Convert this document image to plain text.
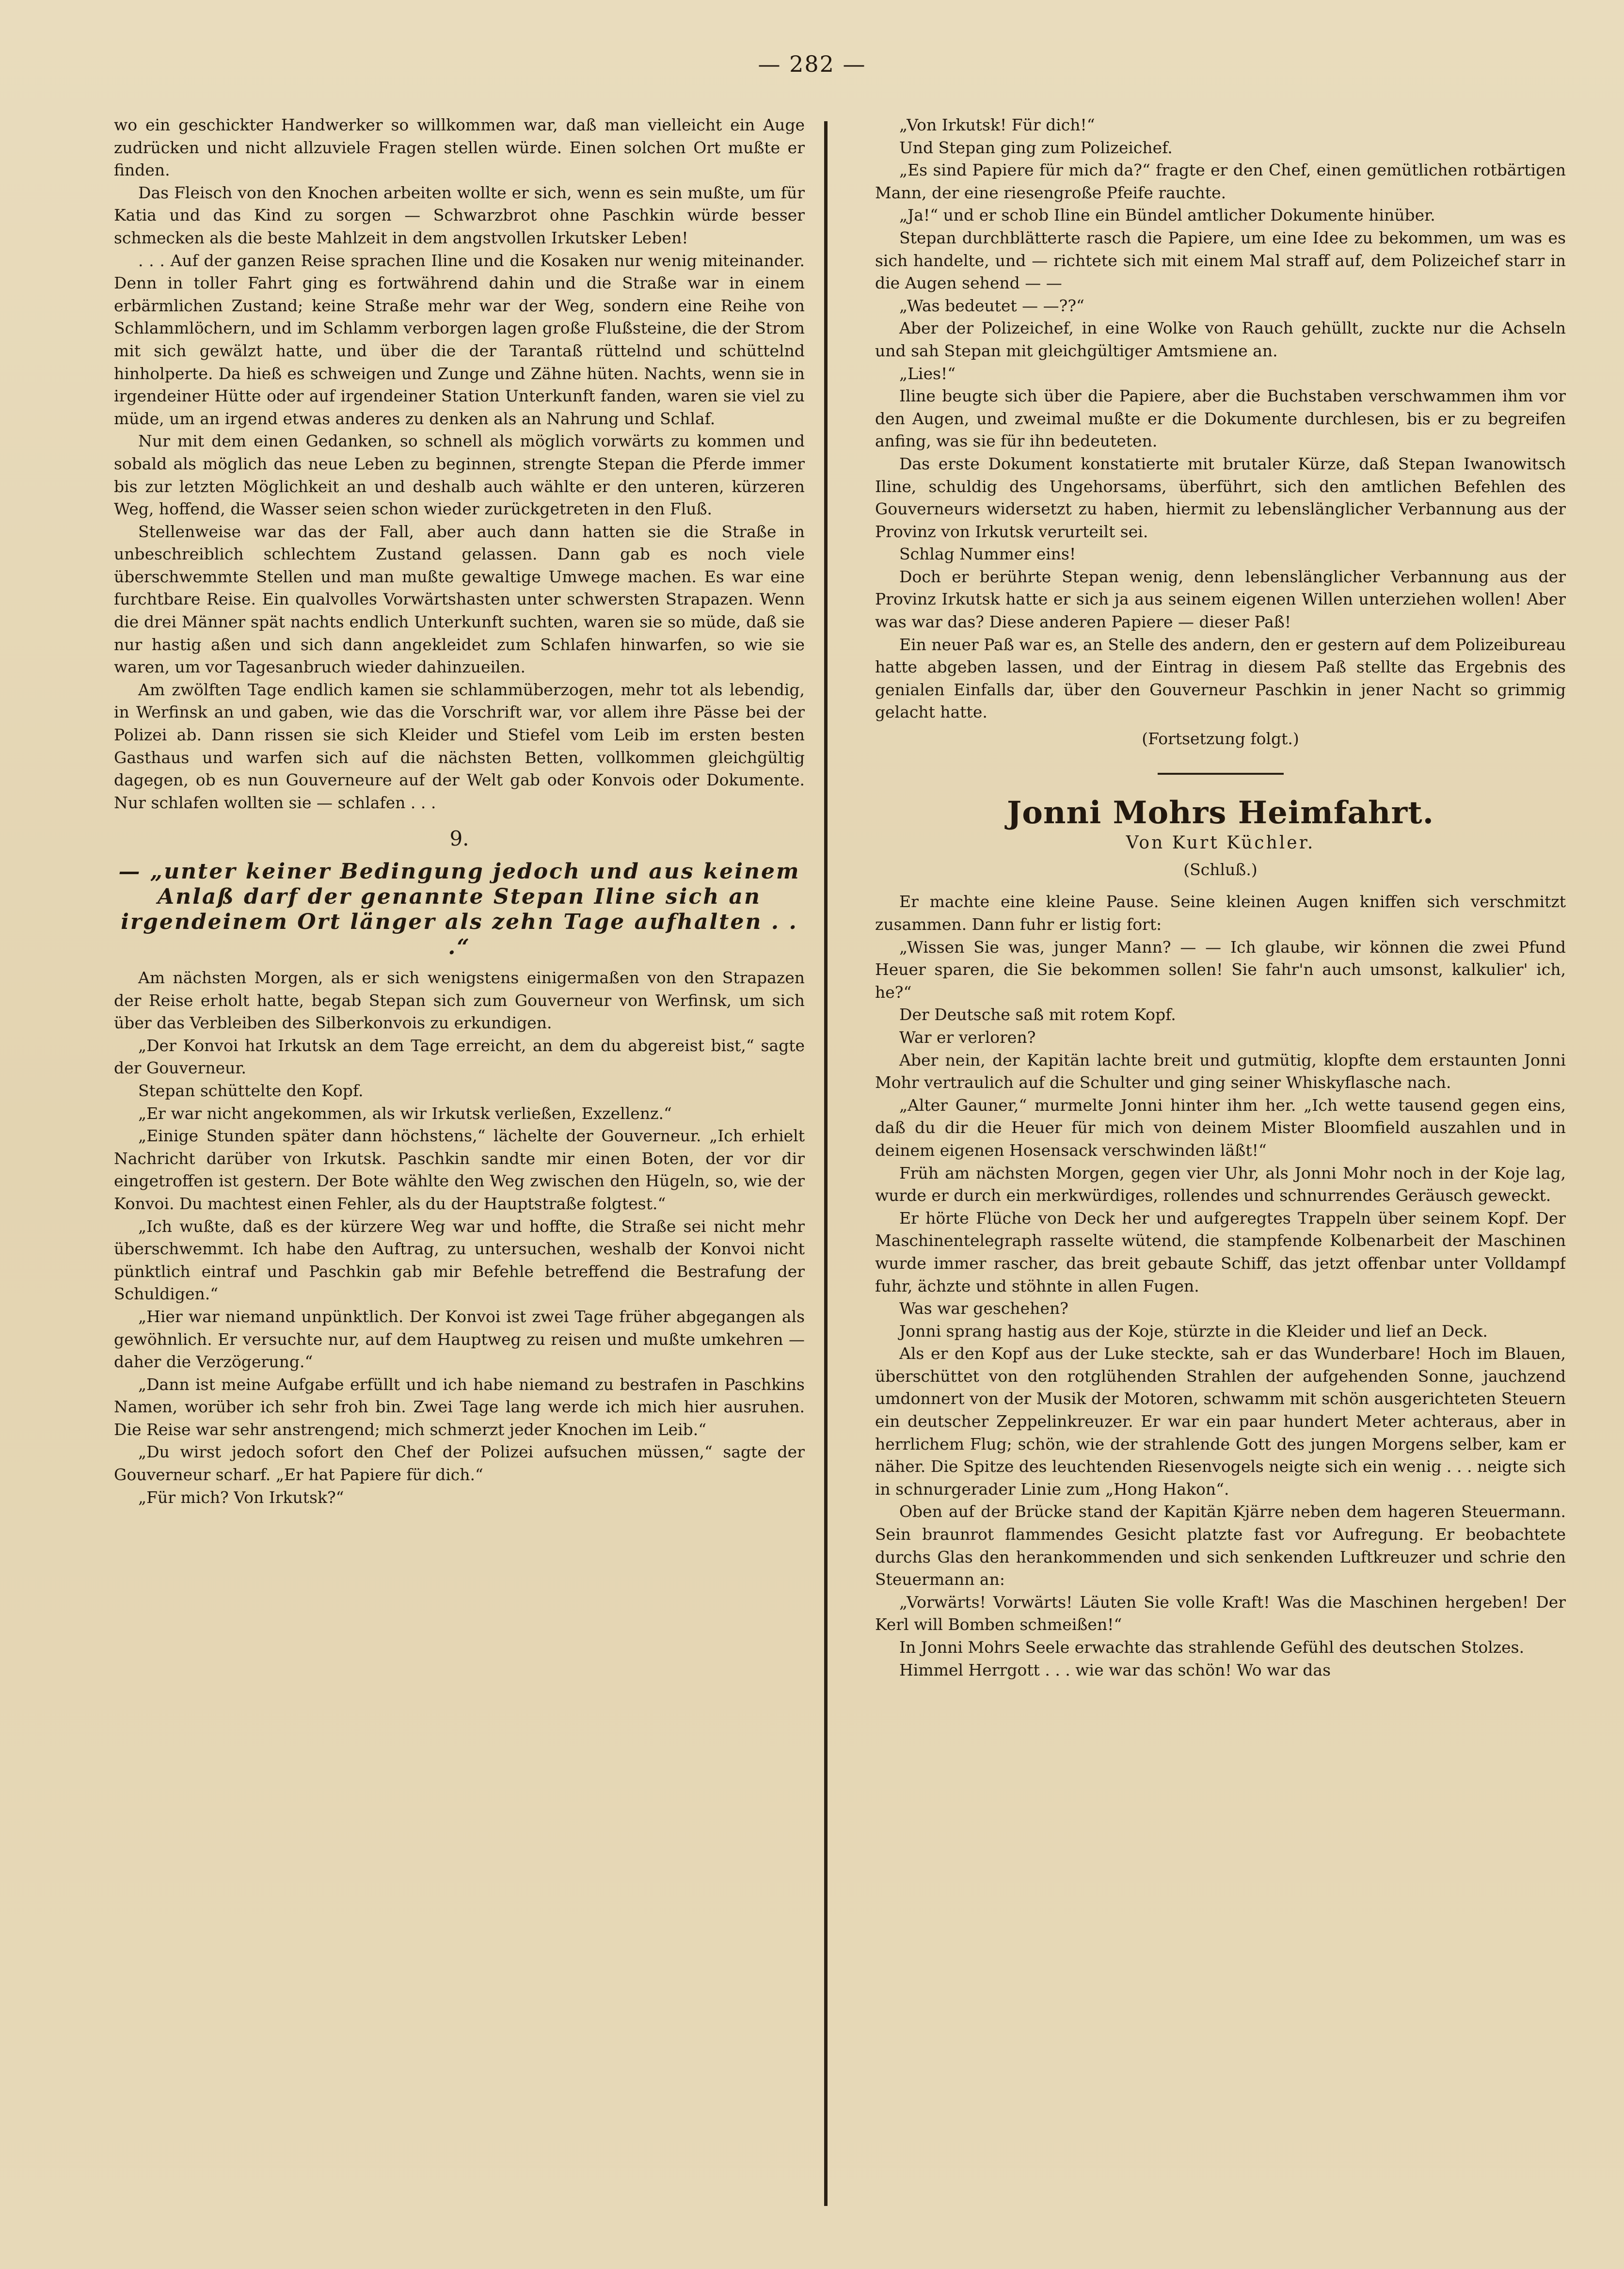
— 282 —

wo ein geschickter Handwerker so willkommen war, daß man vielleicht ein Auge zudrücken und nicht allzuviele Fragen stellen würde. Einen solchen Ort mußte er finden.

Das Fleisch von den Knochen arbeiten wollte er sich, wenn es sein mußte, um für Katia und das Kind zu sorgen — Schwarzbrot ohne Paschkin würde besser schmecken als die beste Mahlzeit in dem angstvollen Irkutsker Leben!

. . . Auf der ganzen Reise sprachen Iline und die Kosaken nur wenig miteinander. Denn in toller Fahrt ging es fortwährend dahin und die Straße war in einem erbärmlichen Zustand; keine Straße mehr war der Weg, sondern eine Reihe von Schlammlöchern, und im Schlamm verborgen lagen große Flußsteine, die der Strom mit sich gewälzt hatte, und über die der Tarantaß rüttelnd und schüttelnd hinholperte. Da hieß es schweigen und Zunge und Zähne hüten. Nachts, wenn sie in irgendeiner Hütte oder auf irgendeiner Station Unterkunft fanden, waren sie viel zu müde, um an irgend etwas anderes zu denken als an Nahrung und Schlaf.

Nur mit dem einen Gedanken, so schnell als möglich vorwärts zu kommen und sobald als möglich das neue Leben zu beginnen, strengte Stepan die Pferde immer bis zur letzten Möglichkeit an und deshalb auch wählte er den unteren, kürzeren Weg, hoffend, die Wasser seien schon wieder zurückgetreten in den Fluß.

Stellenweise war das der Fall, aber auch dann hatten sie die Straße in unbeschreiblich schlechtem Zustand gelassen. Dann gab es noch viele überschwemmte Stellen und man mußte gewaltige Umwege machen. Es war eine furchtbare Reise. Ein qualvolles Vorwärtshasten unter schwersten Strapazen. Wenn die drei Männer spät nachts endlich Unterkunft suchten, waren sie so müde, daß sie nur hastig aßen und sich dann angekleidet zum Schlafen hinwarfen, so wie sie waren, um vor Tagesanbruch wieder dahinzueilen.

Am zwölften Tage endlich kamen sie schlammüberzogen, mehr tot als lebendig, in Werfinsk an und gaben, wie das die Vorschrift war, vor allem ihre Pässe bei der Polizei ab. Dann rissen sie sich Kleider und Stiefel vom Leib im ersten besten Gasthaus und warfen sich auf die nächsten Betten, vollkommen gleichgültig dagegen, ob es nun Gouverneure auf der Welt gab oder Konvois oder Dokumente. Nur schlafen wollten sie — schlafen . . .

9.

— „unter keiner Bedingung jedoch und aus keinem Anlaß darf der genannte Stepan Iline sich an irgendeinem Ort länger als zehn Tage aufhalten . . .“

Am nächsten Morgen, als er sich wenigstens einigermaßen von den Strapazen der Reise erholt hatte, begab Stepan sich zum Gouverneur von Werfinsk, um sich über das Verbleiben des Silberkonvois zu erkundigen.

„Der Konvoi hat Irkutsk an dem Tage erreicht, an dem du abgereist bist,“ sagte der Gouverneur.

Stepan schüttelte den Kopf.

„Er war nicht angekommen, als wir Irkutsk verließen, Exzellenz.“

„Einige Stunden später dann höchstens,“ lächelte der Gouverneur. „Ich erhielt Nachricht darüber von Irkutsk. Paschkin sandte mir einen Boten, der vor dir eingetroffen ist gestern. Der Bote wählte den Weg zwischen den Hügeln, so, wie der Konvoi. Du machtest einen Fehler, als du der Hauptstraße folgtest.“

„Ich wußte, daß es der kürzere Weg war und hoffte, die Straße sei nicht mehr überschwemmt. Ich habe den Auftrag, zu untersuchen, weshalb der Konvoi nicht pünktlich eintraf und Paschkin gab mir Befehle betreffend die Bestrafung der Schuldigen.“

„Hier war niemand unpünktlich. Der Konvoi ist zwei Tage früher abgegangen als gewöhnlich. Er versuchte nur, auf dem Hauptweg zu reisen und mußte umkehren — daher die Verzögerung.“

„Dann ist meine Aufgabe erfüllt und ich habe niemand zu bestrafen in Paschkins Namen, worüber ich sehr froh bin. Zwei Tage lang werde ich mich hier ausruhen. Die Reise war sehr anstrengend; mich schmerzt jeder Knochen im Leib.“

„Du wirst jedoch sofort den Chef der Polizei aufsuchen müssen,“ sagte der Gouverneur scharf. „Er hat Papiere für dich.“

„Für mich? Von Irkutsk?“

„Von Irkutsk! Für dich!“

Und Stepan ging zum Polizeichef.

„Es sind Papiere für mich da?“ fragte er den Chef, einen gemütlichen rotbärtigen Mann, der eine riesengroße Pfeife rauchte.

„Ja!“ und er schob Iline ein Bündel amtlicher Dokumente hinüber.

Stepan durchblätterte rasch die Papiere, um eine Idee zu bekommen, um was es sich handelte, und — richtete sich mit einem Mal straff auf, dem Polizeichef starr in die Augen sehend — —

„Was bedeutet — —??“

Aber der Polizeichef, in eine Wolke von Rauch gehüllt, zuckte nur die Achseln und sah Stepan mit gleichgültiger Amtsmiene an.

„Lies!“

Iline beugte sich über die Papiere, aber die Buchstaben verschwammen ihm vor den Augen, und zweimal mußte er die Dokumente durchlesen, bis er zu begreifen anfing, was sie für ihn bedeuteten.

Das erste Dokument konstatierte mit brutaler Kürze, daß Stepan Iwanowitsch Iline, schuldig des Ungehorsams, überführt, sich den amtlichen Befehlen des Gouverneurs widersetzt zu haben, hiermit zu lebenslänglicher Verbannung aus der Provinz von Irkutsk verurteilt sei.

Schlag Nummer eins!

Doch er berührte Stepan wenig, denn lebenslänglicher Verbannung aus der Provinz Irkutsk hatte er sich ja aus seinem eigenen Willen unterziehen wollen! Aber was war das? Diese anderen Papiere — dieser Paß!

Ein neuer Paß war es, an Stelle des andern, den er gestern auf dem Polizeibureau hatte abgeben lassen, und der Eintrag in diesem Paß stellte das Ergebnis des genialen Einfalls dar, über den Gouverneur Paschkin in jener Nacht so grimmig gelacht hatte.

(Fortsetzung folgt.)

Jonni Mohrs Heimfahrt.

Von Kurt Küchler.

(Schluß.)

Er machte eine kleine Pause. Seine kleinen Augen kniffen sich verschmitzt zusammen. Dann fuhr er listig fort:

„Wissen Sie was, junger Mann? — — Ich glaube, wir können die zwei Pfund Heuer sparen, die Sie bekommen sollen! Sie fahr'n auch umsonst, kalkulier' ich, he?“

Der Deutsche saß mit rotem Kopf.

War er verloren?

Aber nein, der Kapitän lachte breit und gutmütig, klopfte dem erstaunten Jonni Mohr vertraulich auf die Schulter und ging seiner Whiskyflasche nach.

„Alter Gauner,“ murmelte Jonni hinter ihm her. „Ich wette tausend gegen eins, daß du dir die Heuer für mich von deinem Mister Bloomfield auszahlen und in deinem eigenen Hosensack verschwinden läßt!“

Früh am nächsten Morgen, gegen vier Uhr, als Jonni Mohr noch in der Koje lag, wurde er durch ein merkwürdiges, rollendes und schnurrendes Geräusch geweckt.

Er hörte Flüche von Deck her und aufgeregtes Trappeln über seinem Kopf. Der Maschinentelegraph rasselte wütend, die stampfende Kolbenarbeit der Maschinen wurde immer rascher, das breit gebaute Schiff, das jetzt offenbar unter Volldampf fuhr, ächzte und stöhnte in allen Fugen.

Was war geschehen?

Jonni sprang hastig aus der Koje, stürzte in die Kleider und lief an Deck.

Als er den Kopf aus der Luke steckte, sah er das Wunderbare! Hoch im Blauen, überschüttet von den rotglühenden Strahlen der aufgehenden Sonne, jauchzend umdonnert von der Musik der Motoren, schwamm mit schön ausgerichteten Steuern ein deutscher Zeppelinkreuzer. Er war ein paar hundert Meter achteraus, aber in herrlichem Flug; schön, wie der strahlende Gott des jungen Morgens selber, kam er näher. Die Spitze des leuchtenden Riesenvogels neigte sich ein wenig . . . neigte sich in schnurgerader Linie zum „Hong Hakon“.

Oben auf der Brücke stand der Kapitän Kjärre neben dem hageren Steuermann. Sein braunrot flammendes Gesicht platzte fast vor Aufregung. Er beobachtete durchs Glas den herankommenden und sich senkenden Luftkreuzer und schrie den Steuermann an:

„Vorwärts! Vorwärts! Läuten Sie volle Kraft! Was die Maschinen hergeben! Der Kerl will Bomben schmeißen!“

In Jonni Mohrs Seele erwachte das strahlende Gefühl des deutschen Stolzes.

Himmel Herrgott . . . wie war das schön! Wo war das
